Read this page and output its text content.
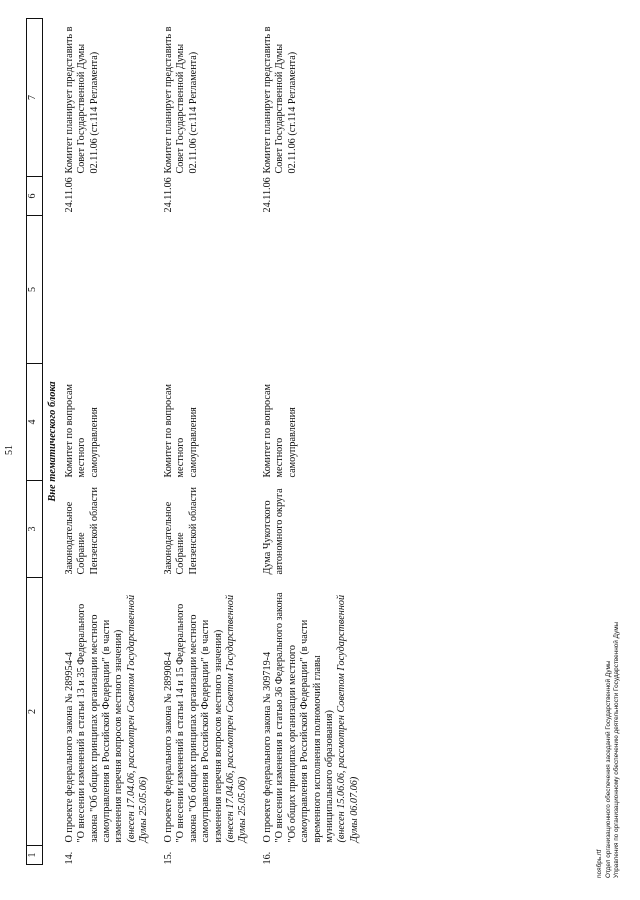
51
1	2	3	4	5	6	7
Вне тематического блока						
14.	О проекте федерального закона № 289954-4 "О внесении изменений в статьи 13 и 35 Федерального закона "Об общих принципах организации местного самоуправления в Российской Федерации" (в части изменения перечня вопросов местного значения) (внесен 17.04.06, рассмотрен Советом Государственной Думы 25.05.06)	Законодательное Собрание Пензенской области	Комитет по вопросам местного самоуправления		24.11.06	Комитет планирует представить в Совет Государственной Думы 02.11.06 (ст.114 Регламента)
15.	О проекте федерального закона № 289908-4 "О внесении изменений в статьи 14 и 15 Федерального закона "Об общих принципах организации местного самоуправления в Российской Федерации" (в части изменения перечня вопросов местного значения) (внесен 17.04.06, рассмотрен Советом Государственной Думы 25.05.06)	Законодательное Собрание Пензенской области	Комитет по вопросам местного самоуправления		24.11.06	Комитет планирует представить в Совет Государственной Думы 02.11.06 (ст.114 Регламента)
16.	О проекте федерального закона № 309719-4 "О внесении изменения в статью 36 Федерального закона "Об общих принципах организации местного самоуправления в Российской Федерации" (в части временного исполнения полномочий главы муниципального образования) (внесен 15.06.06, рассмотрен Советом Государственной Думы 06.07.06)	Дума Чукотского автономного округа	Комитет по вопросам местного самоуправления		24.11.06	Комитет планирует представить в Совет Государственной Думы 02.11.06 (ст.114 Регламента)
noябрь.rtf Отдел организационного обеспечения заседаний Государственной Думы Управления по организационному обеспечению деятельности Государственной Думы
